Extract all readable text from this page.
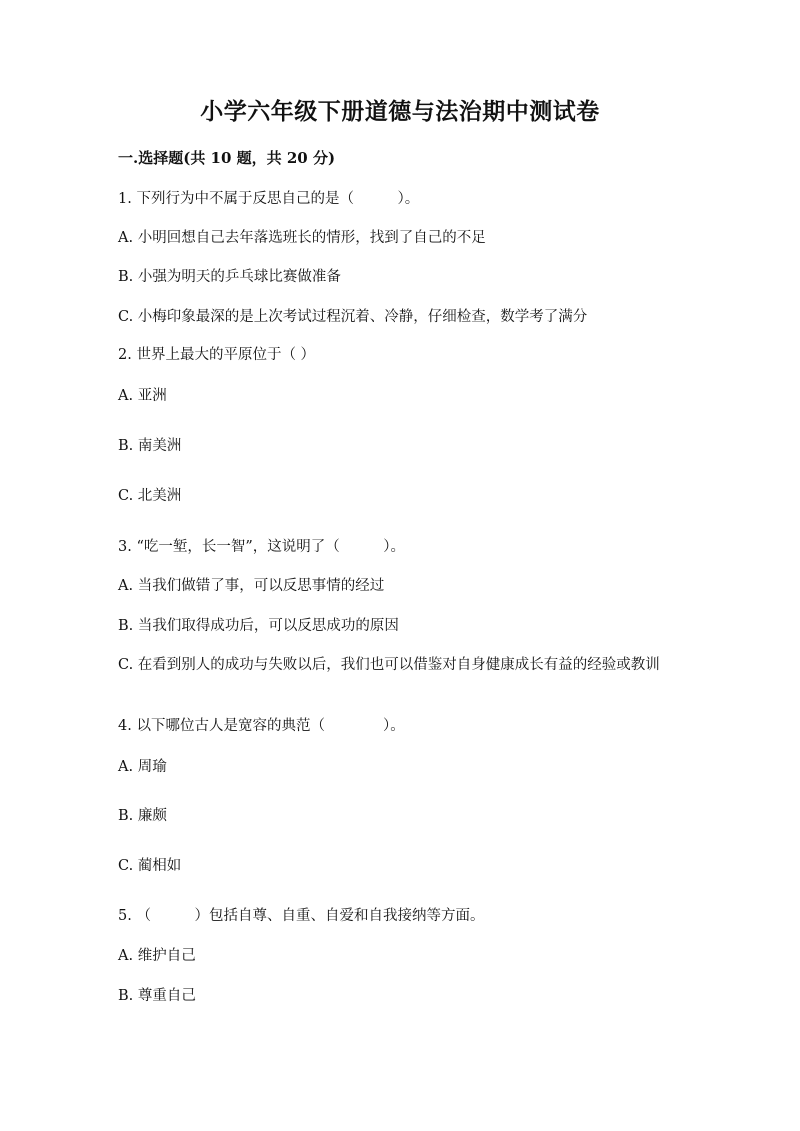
小学六年级下册道德与法治期中测试卷
一.选择题(共 10 题，共 20 分)
1. 下列行为中不属于反思自己的是（　　　）。
A. 小明回想自己去年落选班长的情形，找到了自己的不足
B. 小强为明天的乒乓球比赛做准备
C. 小梅印象最深的是上次考试过程沉着、冷静，仔细检查，数学考了满分
2. 世界上最大的平原位于（ ）
A. 亚洲
B. 南美洲
C. 北美洲
3. “吃一堑，长一智”，这说明了（　　　）。
A. 当我们做错了事，可以反思事情的经过
B. 当我们取得成功后，可以反思成功的原因
C. 在看到别人的成功与失败以后，我们也可以借鉴对自身健康成长有益的经验或教训
4. 以下哪位古人是宽容的典范（　　　　）。
A. 周瑜
B. 廉颇
C. 蔺相如
5. （　　　）包括自尊、自重、自爱和自我接纳等方面。
A. 维护自己
B. 尊重自己
